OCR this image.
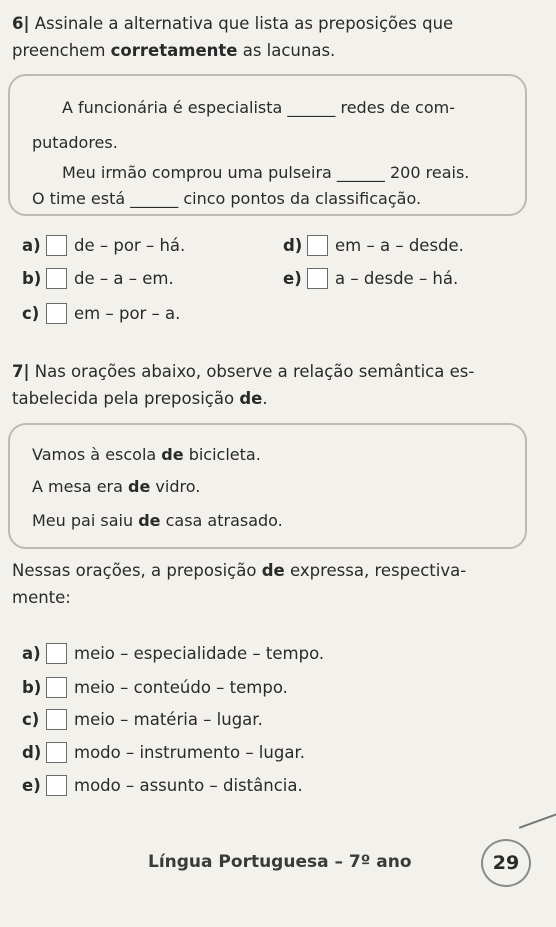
6| Assinale a alternativa que lista as preposições que
preenchem corretamente as lacunas.

A funcionária é especialista ______ redes de com-

putadores.

Meu irmão comprou uma pulseira ______ 200 reais.

O time está ______ cinco pontos da classificação.

a)	de – por – há.
b) de – a – em.
c)	em – por – a.
d) em – a – desde.
e)	a – desde – há.
7| Nas orações abaixo, observe a relação semântica es-
tabelecida pela preposição de.

Vamos à escola de bicicleta.

A mesa era de vidro.

Meu pai saiu de casa atrasado.

Nessas orações, a preposição de expressa, respectiva-
mente:
a)	meio – especialidade – tempo.
b) meio – conteúdo – tempo.
c)	meio – matéria – lugar.
d) modo – instrumento – lugar.
e)	modo – assunto – distância.
Língua Portuguesa – 7º ano	29
